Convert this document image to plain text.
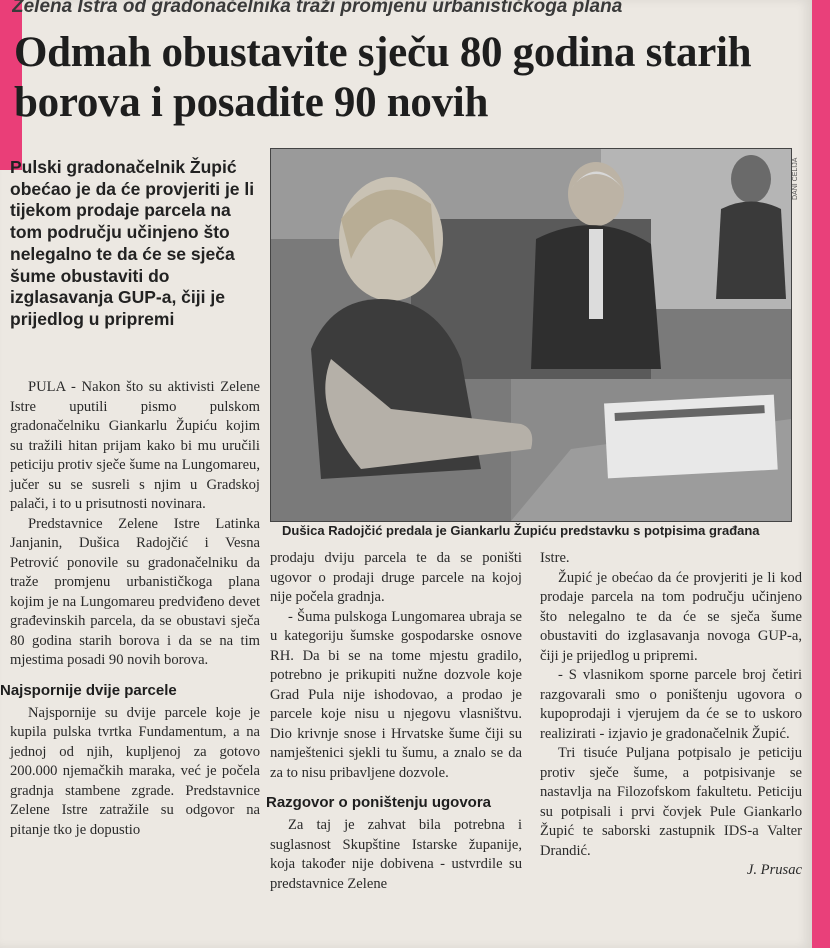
Zelena Istra od gradonačelnika traži promjenu urbanističkoga plana
Odmah obustavite sječu 80 godina starih borova i posadite 90 novih
Pulski gradonačelnik Župić obećao je da će provjeriti je li tijekom prodaje parcela na tom području učinjeno što nelegalno te da će se sječa šume obustaviti do izglasavanja GUP-a, čiji je prijedlog u pripremi
DANI CELIJA
Dušica Radojčić predala je Giankarlu Župiću predstavku s potpisima građana

PULA - Nakon što su aktivisti Zelene Istre uputili pismo pulskom gradonačelniku Giankarlu Župiću kojim su tražili hitan prijam kako bi mu uručili peticiju protiv sječe šume na Lungomareu, jučer su se susreli s njim u Gradskoj palači, i to u prisutnosti novinara.

Predstavnice Zelene Istre Latinka Janjanin, Dušica Radojčić i Vesna Petrović ponovile su gradonačelniku da traže promjenu urbanističkoga plana kojim je na Lungomareu predviđeno devet građevinskih parcela, da se obustavi sječa 80 godina starih borova i da se na tim mjestima posadi 90 novih borova.

Najspornije dvije parcele

Najspornije su dvije parcele koje je kupila pulska tvrtka Fundamentum, a na jednoj od njih, kupljenoj za gotovo 200.000 njemačkih maraka, već je počela gradnja stambene zgrade. Predstavnice Zelene Istre zatražile su odgovor na pitanje tko je dopustio

prodaju dviju parcela te da se poništi ugovor o prodaji druge parcele na kojoj nije počela gradnja.

- Šuma pulskoga Lungomarea ubraja se u kategoriju šumske gospodarske osnove RH. Da bi se na tome mjestu gradilo, potrebno je prikupiti nužne dozvole koje Grad Pula nije ishodovao, a prodao je parcele koje nisu u njegovu vlasništvu. Dio krivnje snose i Hrvatske šume čiji su namještenici sjekli tu šumu, a znalo se da za to nisu pribavljene dozvole.

Razgovor o poništenju ugovora

Za taj je zahvat bila potrebna i suglasnost Skupštine Istarske županije, koja također nije dobivena - ustvrdile su predstavnice Zelene

Istre.

Župić je obećao da će provjeriti je li kod prodaje parcela na tom području učinjeno što nelegalno te da će se sječa šume obustaviti do izglasavanja novoga GUP-a, čiji je prijedlog u pripremi.

- S vlasnikom sporne parcele broj četiri razgovarali smo o poništenju ugovora o kupoprodaji i vjerujem da će se to uskoro realizirati - izjavio je gradonačelnik Župić.

Tri tisuće Puljana potpisalo je peticiju protiv sječe šume, a potpisivanje se nastavlja na Filozofskom fakultetu. Peticiju su potpisali i prvi čovjek Pule Giankarlo Župić te saborski zastupnik IDS-a Valter Drandić.

J. Prusac
